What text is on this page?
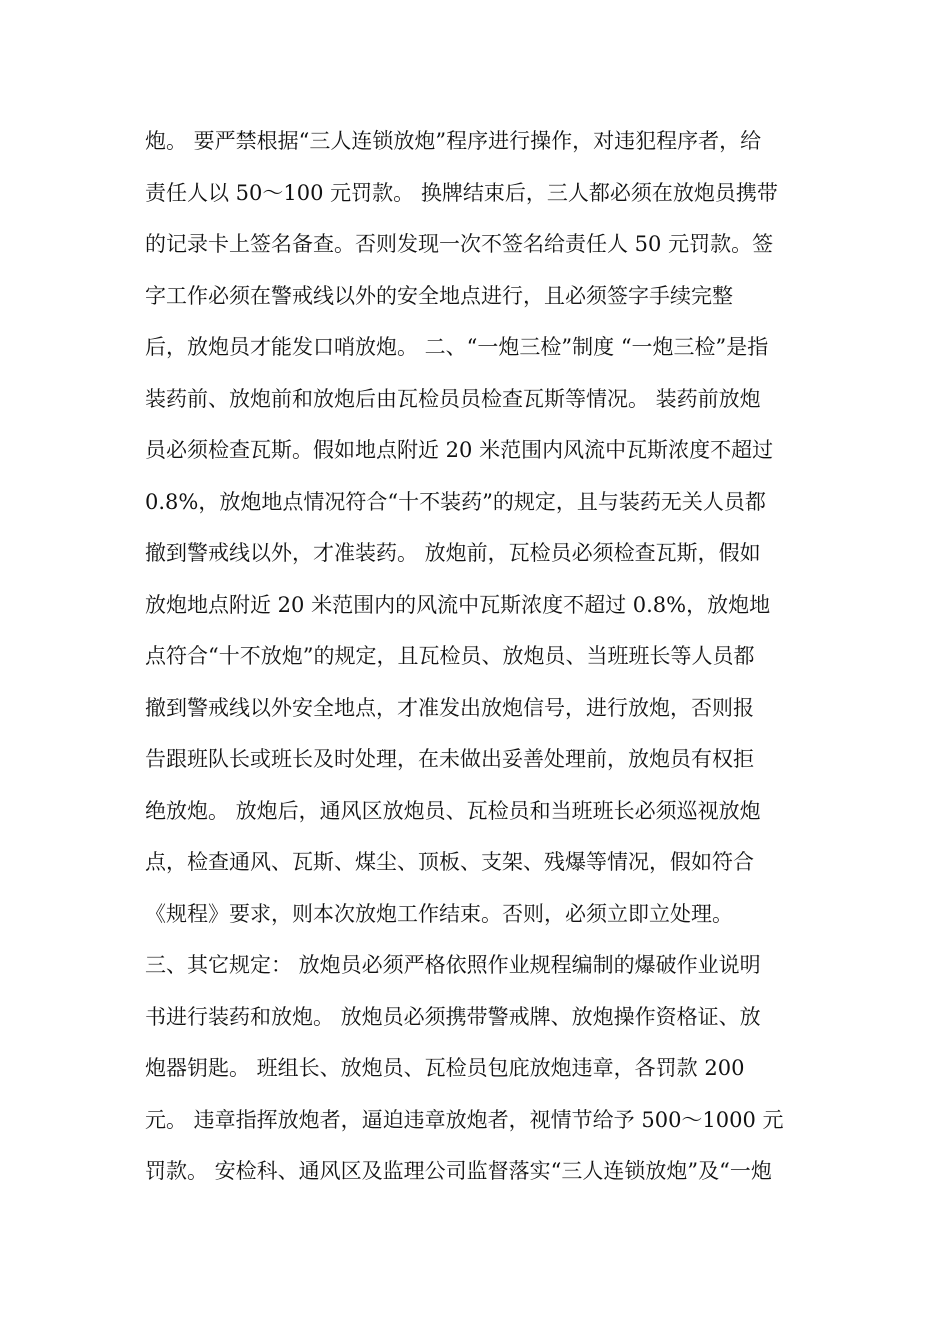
炮。 要严禁根据“三人连锁放炮”程序进行操作，对违犯程序者，给
责任人以 50～100 元罚款。 换牌结束后，三人都必须在放炮员携带
的记录卡上签名备查。否则发现一次不签名给责任人 50 元罚款。签
字工作必须在警戒线以外的安全地点进行，且必须签字手续完整
后，放炮员才能发口哨放炮。 二、“一炮三检”制度 “一炮三检”是指
装药前、放炮前和放炮后由瓦检员员检查瓦斯等情况。 装药前放炮
员必须检查瓦斯。假如地点附近 20 米范围内风流中瓦斯浓度不超过
0.8%，放炮地点情况符合“十不装药”的规定，且与装药无关人员都
撤到警戒线以外，才准装药。 放炮前，瓦检员必须检查瓦斯，假如
放炮地点附近 20 米范围内的风流中瓦斯浓度不超过 0.8%，放炮地
点符合“十不放炮”的规定，且瓦检员、放炮员、当班班长等人员都
撤到警戒线以外安全地点，才准发出放炮信号，进行放炮，否则报
告跟班队长或班长及时处理，在未做出妥善处理前，放炮员有权拒
绝放炮。 放炮后，通风区放炮员、瓦检员和当班班长必须巡视放炮
点，检查通风、瓦斯、煤尘、顶板、支架、残爆等情况，假如符合
《规程》要求，则本次放炮工作结束。否则，必须立即立处理。
三、其它规定： 放炮员必须严格依照作业规程编制的爆破作业说明
书进行装药和放炮。 放炮员必须携带警戒牌、放炮操作资格证、放
炮器钥匙。 班组长、放炮员、瓦检员包庇放炮违章，各罚款 200
元。 违章指挥放炮者，逼迫违章放炮者，视情节给予 500～1000 元
罚款。 安检科、通风区及监理公司监督落实“三人连锁放炮”及“一炮
